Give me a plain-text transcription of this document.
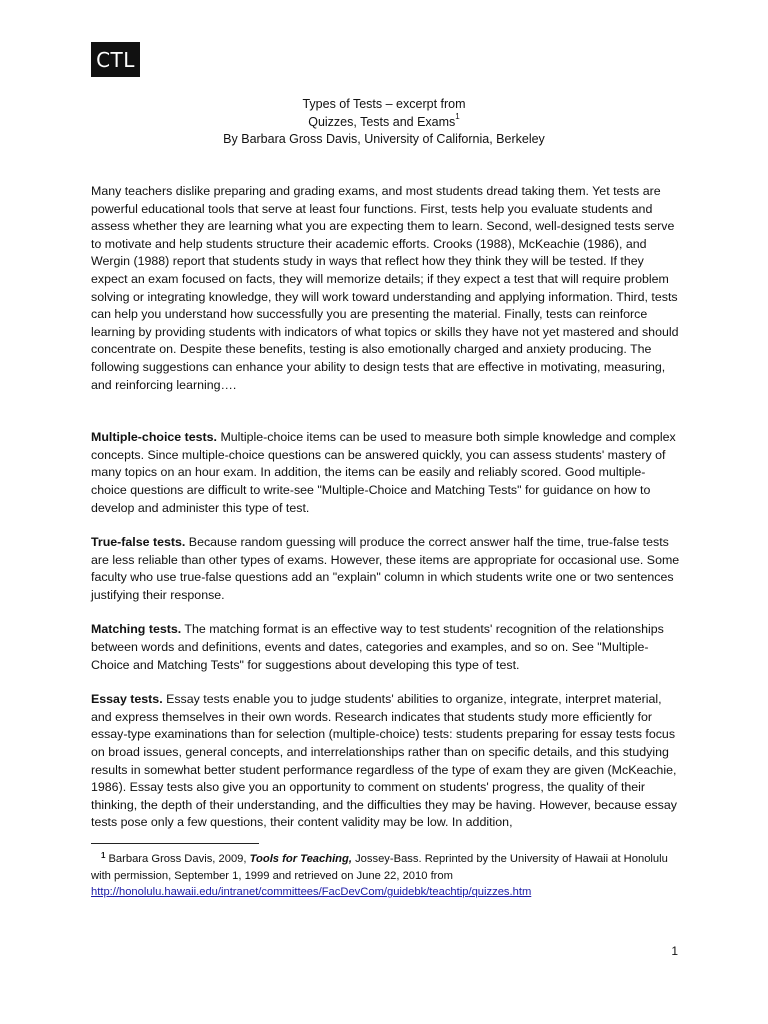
CTL
Types of Tests – excerpt from
Quizzes, Tests and Exams$^1$
By Barbara Gross Davis, University of California, Berkeley

Many teachers dislike preparing and grading exams, and most students dread taking them. Yet tests are powerful educational tools that serve at least four functions. First, tests help you evaluate students and assess whether they are learning what you are expecting them to learn. Second, well-designed tests serve to motivate and help students structure their academic efforts. Crooks (1988), McKeachie (1986), and Wergin (1988) report that students study in ways that reflect how they think they will be tested. If they expect an exam focused on facts, they will memorize details; if they expect a test that will require problem solving or integrating knowledge, they will work toward understanding and applying information. Third, tests can help you understand how successfully you are presenting the material. Finally, tests can reinforce learning by providing students with indicators of what topics or skills they have not yet mastered and should concentrate on. Despite these benefits, testing is also emotionally charged and anxiety producing. The following suggestions can enhance your ability to design tests that are effective in motivating, measuring, and reinforcing learning….

Multiple-choice tests. Multiple-choice items can be used to measure both simple knowledge and complex concepts. Since multiple-choice questions can be answered quickly, you can assess students' mastery of many topics on an hour exam. In addition, the items can be easily and reliably scored. Good multiple-choice questions are difficult to write-see "Multiple-Choice and Matching Tests" for guidance on how to develop and administer this type of test.

True-false tests. Because random guessing will produce the correct answer half the time, true-false tests are less reliable than other types of exams. However, these items are appropriate for occasional use. Some faculty who use true-false questions add an "explain" column in which students write one or two sentences justifying their response.

Matching tests. The matching format is an effective way to test students' recognition of the relationships between words and definitions, events and dates, categories and examples, and so on. See "Multiple-Choice and Matching Tests" for suggestions about developing this type of test.

Essay tests. Essay tests enable you to judge students' abilities to organize, integrate, interpret material, and express themselves in their own words. Research indicates that students study more efficiently for essay-type examinations than for selection (multiple-choice) tests: students preparing for essay tests focus on broad issues, general concepts, and interrelationships rather than on specific details, and this studying results in somewhat better student performance regardless of the type of exam they are given (McKeachie, 1986). Essay tests also give you an opportunity to comment on students' progress, the quality of their thinking, the depth of their understanding, and the difficulties they may be having. However, because essay tests pose only a few questions, their content validity may be low. In addition,

$^1$ Barbara Gross Davis, 2009, Tools for Teaching, Jossey-Bass. Reprinted by the University of Hawaii at Honolulu
with permission, September 1, 1999 and retrieved on June 22, 2010 from
http://honolulu.hawaii.edu/intranet/committees/FacDevCom/guidebk/teachtip/quizzes.htm
1
